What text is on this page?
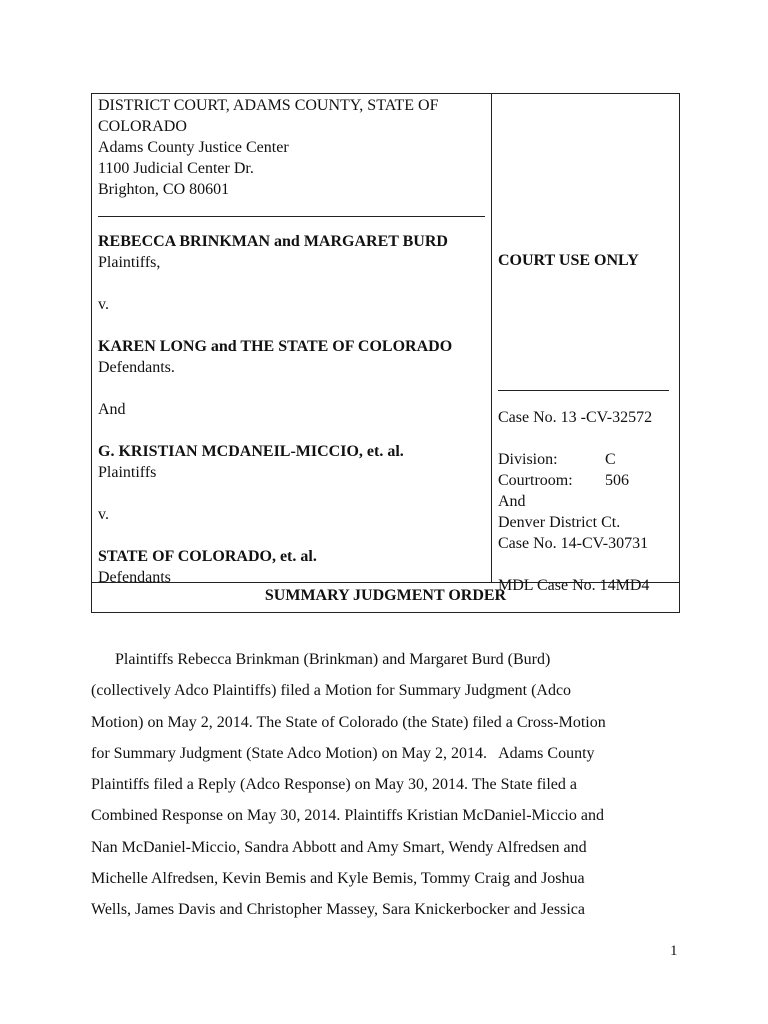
DISTRICT COURT, ADAMS COUNTY, STATE OF
COLORADO
Adams County Justice Center
1100 Judicial Center Dr.
Brighton, CO 80601
REBECCA BRINKMAN and MARGARET BURD
Plaintiffs,
v.
KAREN LONG and THE STATE OF COLORADO
Defendants.
And
G. KRISTIAN MCDANEIL-MICCIO, et. al.
Plaintiffs
v.
STATE OF COLORADO, et. al.
Defendants
COURT USE ONLY
Case No. 13 -CV-32572
Division:	C
Courtroom: 506
And
Denver District Ct.
Case No. 14-CV-30731
MDL Case No. 14MD4
SUMMARY JUDGMENT ORDER
Plaintiffs Rebecca Brinkman (Brinkman) and Margaret Burd (Burd)
(collectively Adco Plaintiffs) filed a Motion for Summary Judgment (Adco
Motion) on May 2, 2014. The State of Colorado (the State) filed a Cross-Motion
for Summary Judgment (State Adco Motion) on May 2, 2014.   Adams County
Plaintiffs filed a Reply (Adco Response) on May 30, 2014. The State filed a
Combined Response on May 30, 2014. Plaintiffs Kristian McDaniel-Miccio and
Nan McDaniel-Miccio, Sandra Abbott and Amy Smart, Wendy Alfredsen and
Michelle Alfredsen, Kevin Bemis and Kyle Bemis, Tommy Craig and Joshua
Wells, James Davis and Christopher Massey, Sara Knickerbocker and Jessica
1
